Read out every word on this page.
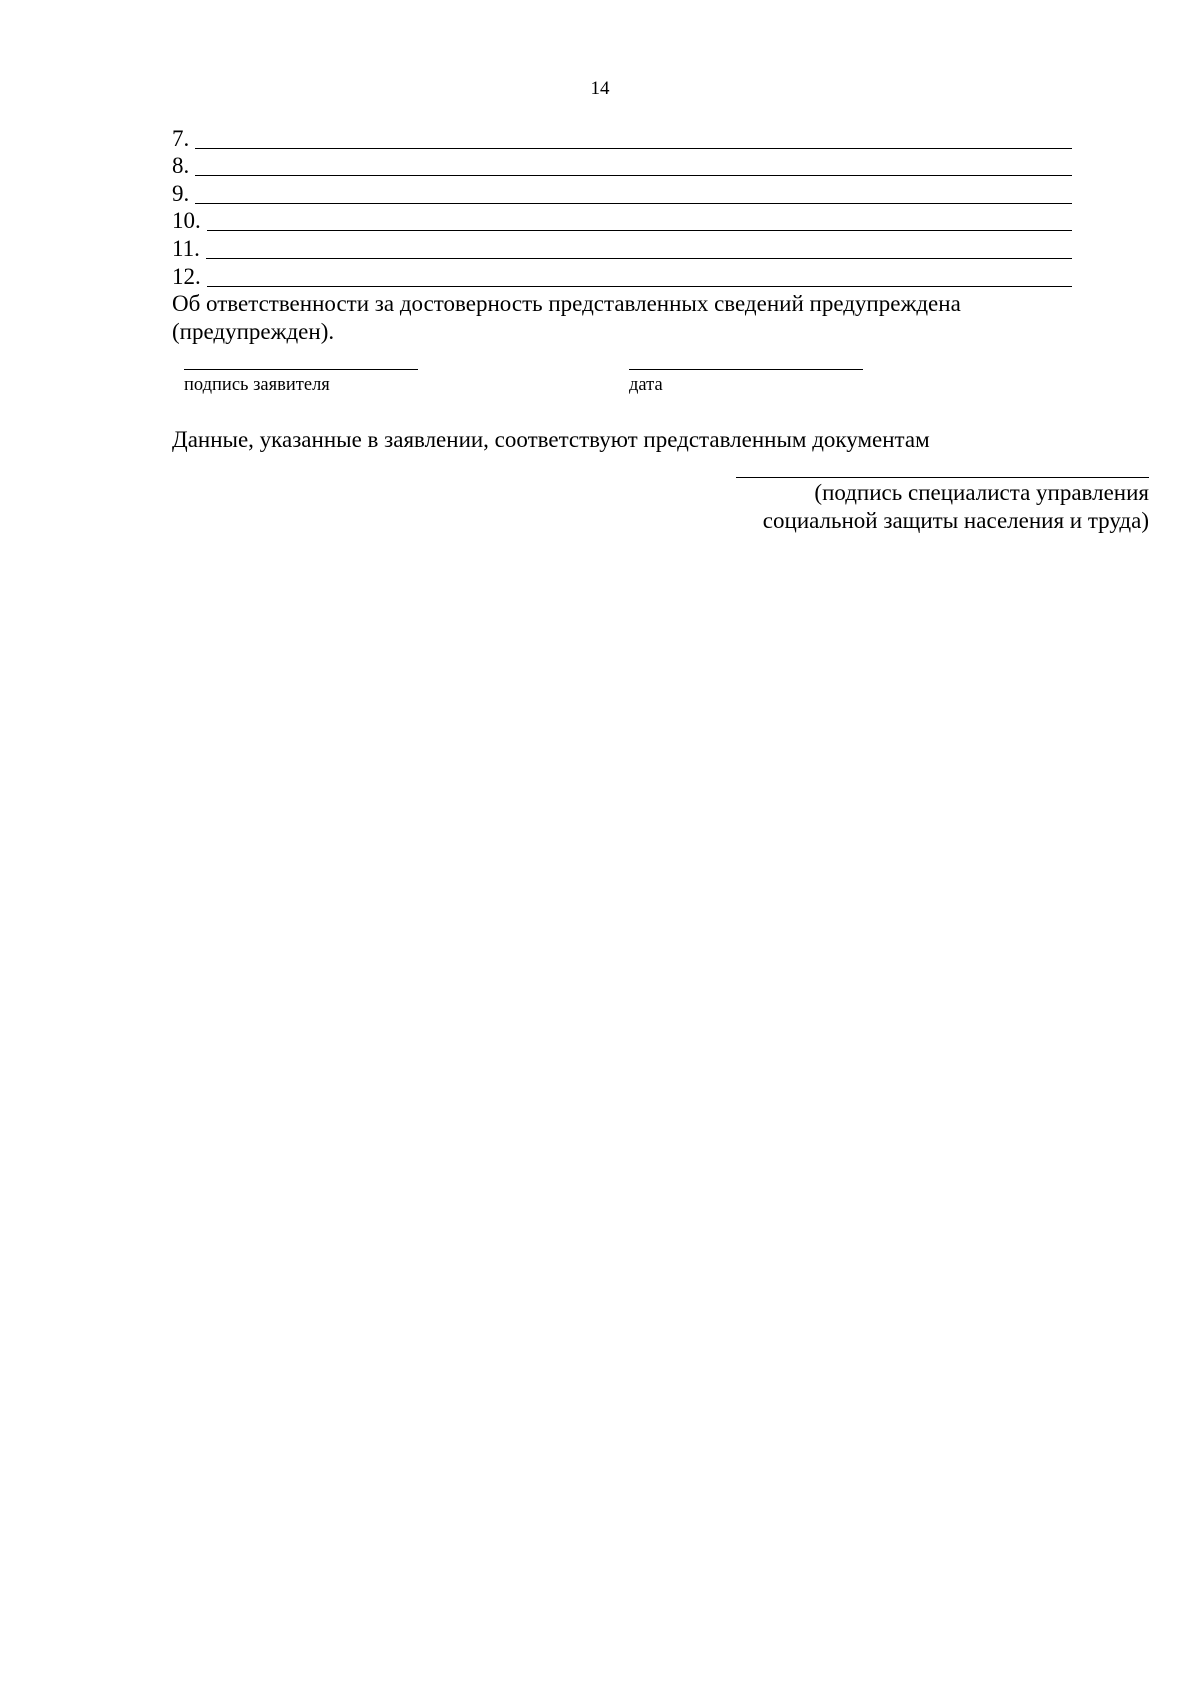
14
7.
8.
9.
10.
11.
12.
Об ответственности за достоверность представленных сведений предупреждена (предупрежден).
подпись заявителя	дата
Данные, указанные в заявлении, соответствуют представленным документам
(подпись специалиста управления
социальной защиты населения и труда)
